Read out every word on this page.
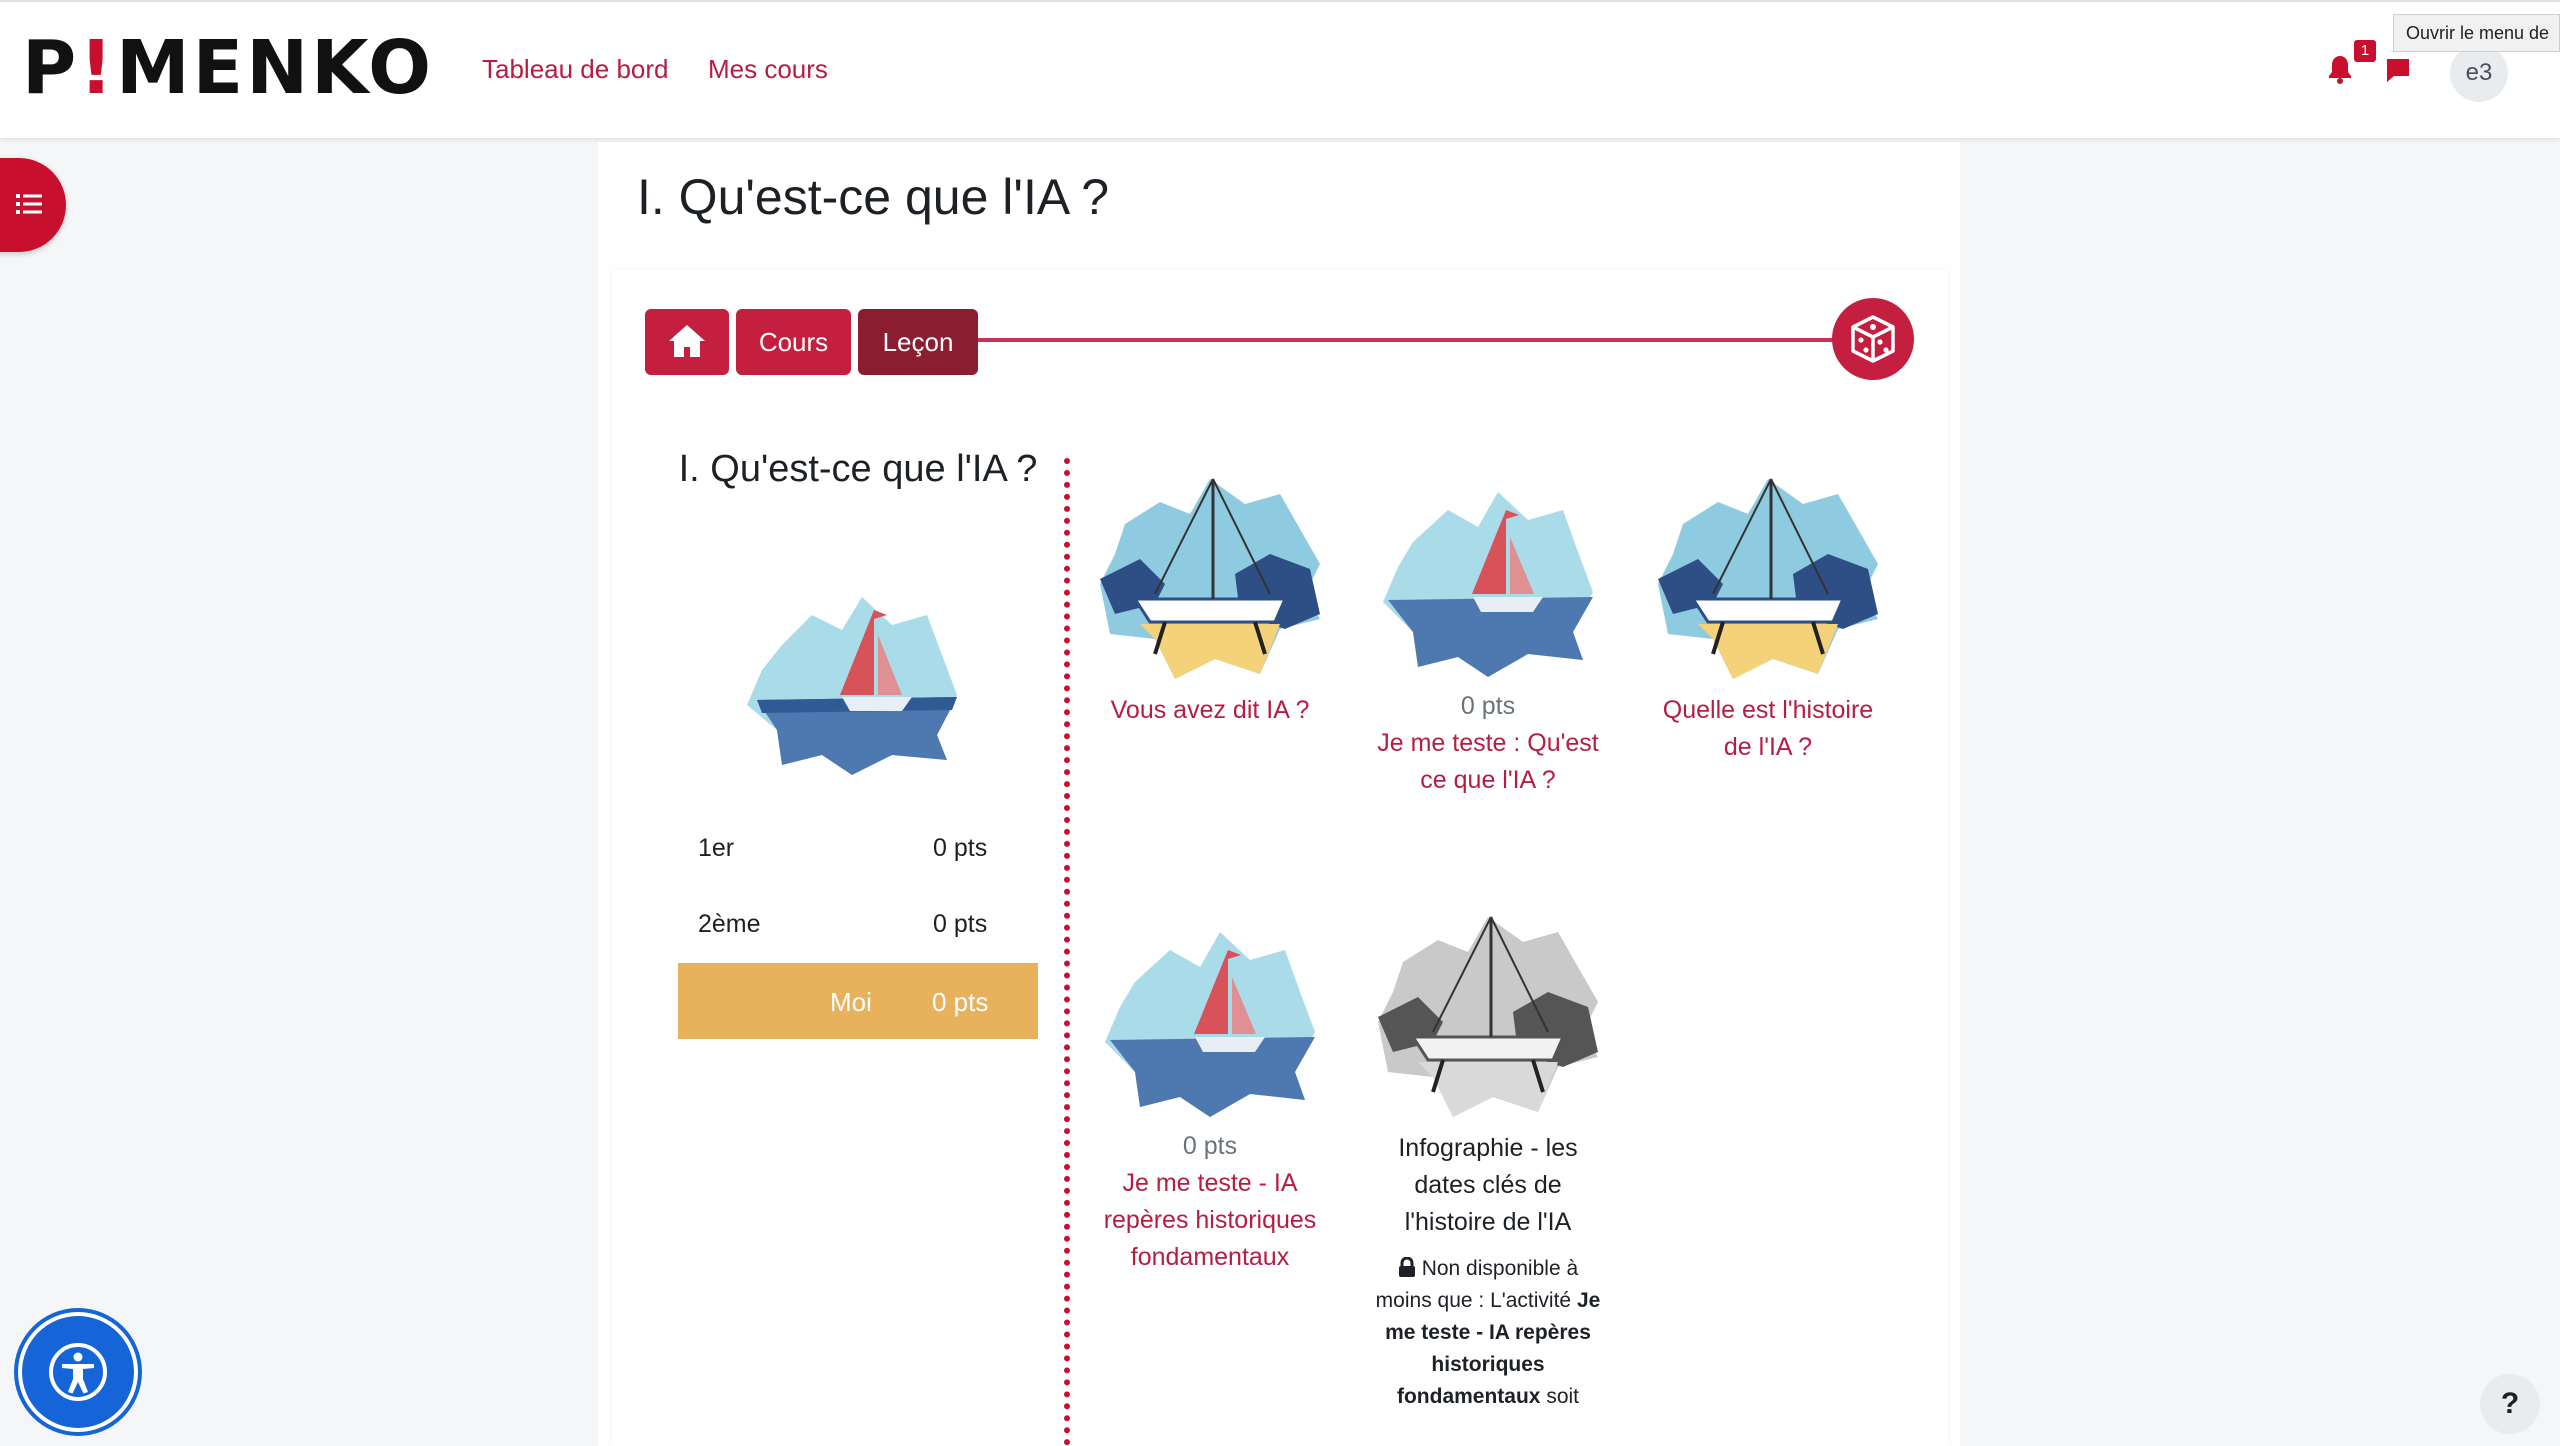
P ! MENKO Tableau de bord Mes cours
1
e3
Ouvrir le menu de
I. Qu'est-ce que l'IA ?
Cours	Leçon
I. Qu'est-ce que l'IA ?
1er	0 pts
2ème	0 pts
Moi 0 pts
Vous avez dit IA ?	0 pts
Je me teste : Qu'est ce que l'IA ?
Quelle est l'histoire de l'IA ?
0 pts
Je me teste - IA repères historiques fondamentaux
Infographie - les dates clés de l'histoire de l'IA
Non disponible à moins que : L'activité Je me teste - IA repères historiques fondamentaux soit	?
